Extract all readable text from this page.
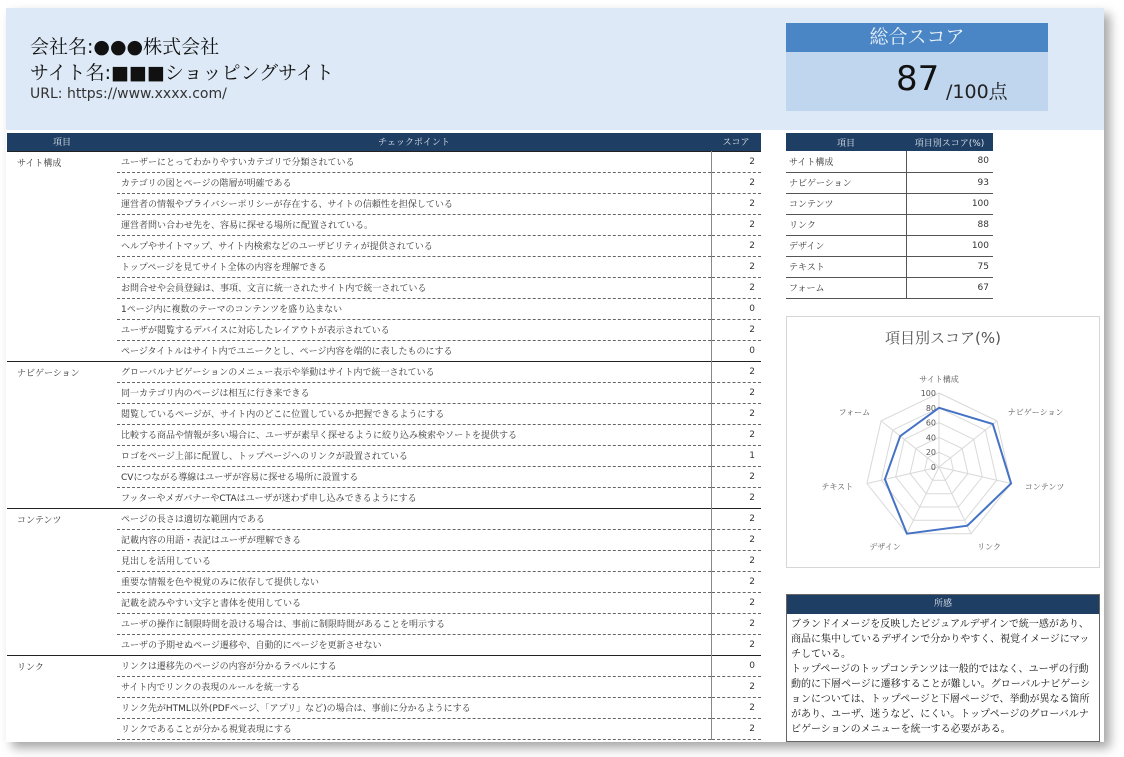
会社名:●●●株式会社
サイト名:■■■ショッピングサイト
URL: https://www.xxxx.com/
総合スコア
87 /100点
項目	チェックポイント	スコア
サイト構成	ユーザーにとってわかりやすいカテゴリで分類されている	2
	カテゴリの図とページの階層が明確である	2
	運営者の情報やプライバシーポリシーが存在する、サイトの信頼性を担保している	2
	運営者問い合わせ先を、容易に探せる場所に配置されている。	2
	ヘルプやサイトマップ、サイト内検索などのユーザビリティが提供されている	2
	トップページを見てサイト全体の内容を理解できる	2
	お問合せや会員登録は、事項、文言に統一されたサイト内で統一されている	2
	1ページ内に複数のテーマのコンテンツを盛り込まない	0
	ユーザが閲覧するデバイスに対応したレイアウトが表示されている	2
	ページタイトルはサイト内でユニークとし、ページ内容を端的に表したものにする	0
ナビゲーション	グローバルナビゲーションのメニュー表示や挙動はサイト内で統一されている	2
	同一カテゴリ内のページは相互に行き来できる	2
	閲覧しているページが、サイト内のどこに位置しているか把握できるようにする	2
	比較する商品や情報が多い場合に、ユーザが素早く探せるように絞り込み検索やソートを提供する	2
	ロゴをページ上部に配置し、トップページへのリンクが設置されている	1
	CVにつながる導線はユーザが容易に探せる場所に設置する	2
	フッターやメガバナーやCTAはユーザが迷わず申し込みできるようにする	2
コンテンツ	ページの長さは適切な範囲内である	2
	記載内容の用語・表記はユーザが理解できる	2
	見出しを活用している	2
	重要な情報を色や視覚のみに依存して提供しない	2
	記載を読みやすい文字と書体を使用している	2
	ユーザの操作に制限時間を設ける場合は、事前に制限時間があることを明示する	2
	ユーザの予期せぬページ遷移や、自動的にページを更新させない	2
リンク	リンクは遷移先のページの内容が分かるラベルにする	0
	サイト内でリンクの表現のルールを統一する	2
	リンク先がHTML以外(PDFページ、「アプリ」など)の場合は、事前に分かるようにする	2
	リンクであることが分かる視覚表現にする	2
項目	項目別スコア(%)
サイト構成	80
ナビゲーション	93
コンテンツ	100
リンク	88
デザイン	100
テキスト	75
フォーム	67
項目別スコア(%)
0
20
40
60
80
100
サイト構成
ナビゲーション
コンテンツ
リンク
デザイン
テキスト
フォーム
所感

ブランドイメージを反映したビジュアルデザインで統一感があり、商品に集中しているデザインで分かりやすく、視覚イメージにマッチしている。

トップページのトップコンテンツは一般的ではなく、ユーザの行動動的に下層ページに遷移することが難しい。グローバルナビゲーションについては、トップページと下層ページで、挙動が異なる箇所があり、ユーザ、迷うなど、にくい。トップページのグローバルナビゲーションのメニューを統一する必要がある。
